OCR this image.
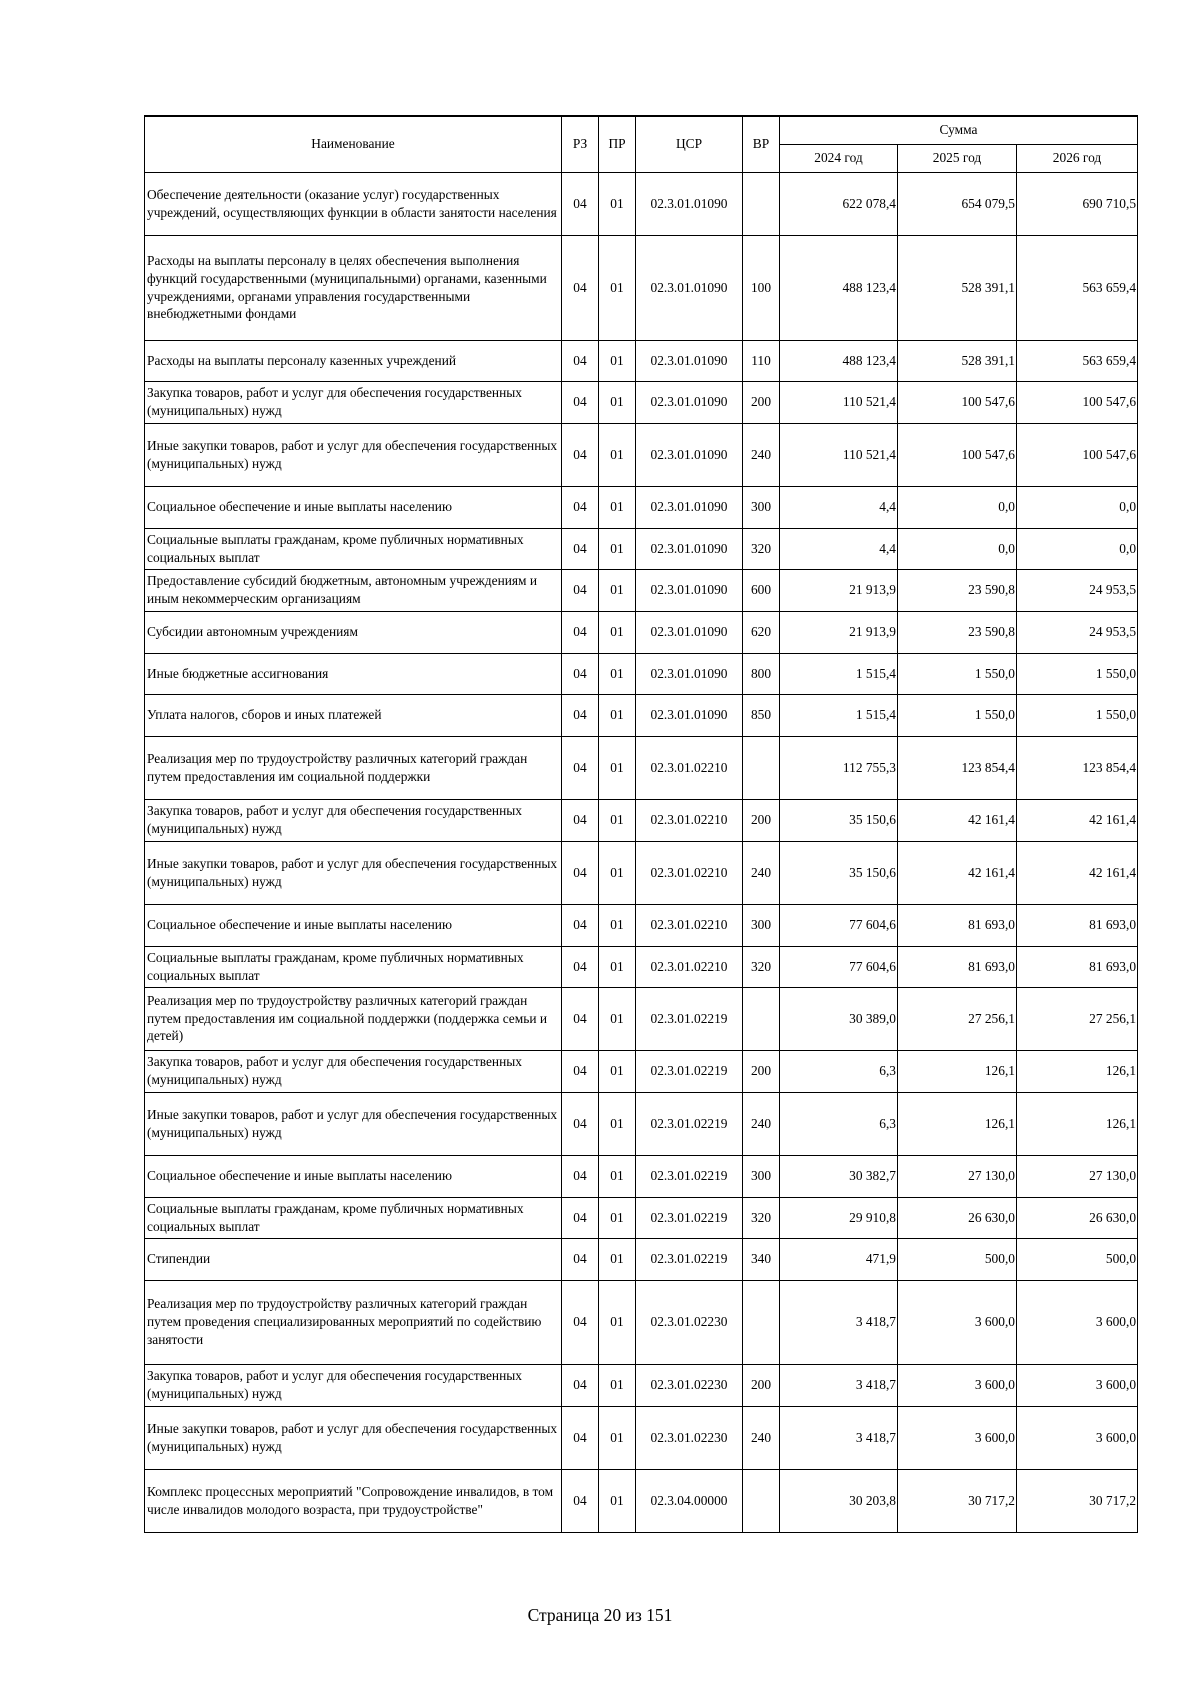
Наименование	РЗ	ПР	ЦСР	ВР	Сумма		
					2024 год	2025 год	2026 год
Обеспечение деятельности (оказание услуг) государственных учреждений, осуществляющих функции в области занятости населения	04	01	02.3.01.01090		622 078,4	654 079,5	690 710,5
Расходы на выплаты персоналу в целях обеспечения выполнения функций государственными (муниципальными) органами, казенными учреждениями, органами управления государственными внебюджетными фондами	04	01	02.3.01.01090	100	488 123,4	528 391,1	563 659,4
Расходы на выплаты персоналу казенных учреждений	04	01	02.3.01.01090	110	488 123,4	528 391,1	563 659,4
Закупка товаров, работ и услуг для обеспечения государственных (муниципальных) нужд	04	01	02.3.01.01090	200	110 521,4	100 547,6	100 547,6
Иные закупки товаров, работ и услуг для обеспечения государственных (муниципальных) нужд	04	01	02.3.01.01090	240	110 521,4	100 547,6	100 547,6
Социальное обеспечение и иные выплаты населению	04	01	02.3.01.01090	300	4,4	0,0	0,0
Социальные выплаты гражданам, кроме публичных нормативных социальных выплат	04	01	02.3.01.01090	320	4,4	0,0	0,0
Предоставление субсидий бюджетным, автономным учреждениям и иным некоммерческим организациям	04	01	02.3.01.01090	600	21 913,9	23 590,8	24 953,5
Субсидии автономным учреждениям	04	01	02.3.01.01090	620	21 913,9	23 590,8	24 953,5
Иные бюджетные ассигнования	04	01	02.3.01.01090	800	1 515,4	1 550,0	1 550,0
Уплата налогов, сборов и иных платежей	04	01	02.3.01.01090	850	1 515,4	1 550,0	1 550,0
Реализация мер по трудоустройству различных категорий граждан путем предоставления им социальной поддержки	04	01	02.3.01.02210		112 755,3	123 854,4	123 854,4
Закупка товаров, работ и услуг для обеспечения государственных (муниципальных) нужд	04	01	02.3.01.02210	200	35 150,6	42 161,4	42 161,4
Иные закупки товаров, работ и услуг для обеспечения государственных (муниципальных) нужд	04	01	02.3.01.02210	240	35 150,6	42 161,4	42 161,4
Социальное обеспечение и иные выплаты населению	04	01	02.3.01.02210	300	77 604,6	81 693,0	81 693,0
Социальные выплаты гражданам, кроме публичных нормативных социальных выплат	04	01	02.3.01.02210	320	77 604,6	81 693,0	81 693,0
Реализация мер по трудоустройству различных категорий граждан путем предоставления им социальной поддержки (поддержка семьи и детей)	04	01	02.3.01.02219		30 389,0	27 256,1	27 256,1
Закупка товаров, работ и услуг для обеспечения государственных (муниципальных) нужд	04	01	02.3.01.02219	200	6,3	126,1	126,1
Иные закупки товаров, работ и услуг для обеспечения государственных (муниципальных) нужд	04	01	02.3.01.02219	240	6,3	126,1	126,1
Социальное обеспечение и иные выплаты населению	04	01	02.3.01.02219	300	30 382,7	27 130,0	27 130,0
Социальные выплаты гражданам, кроме публичных нормативных социальных выплат	04	01	02.3.01.02219	320	29 910,8	26 630,0	26 630,0
Стипендии	04	01	02.3.01.02219	340	471,9	500,0	500,0
Реализация мер по трудоустройству различных категорий граждан путем проведения специализированных мероприятий по содействию занятости	04	01	02.3.01.02230		3 418,7	3 600,0	3 600,0
Закупка товаров, работ и услуг для обеспечения государственных (муниципальных) нужд	04	01	02.3.01.02230	200	3 418,7	3 600,0	3 600,0
Иные закупки товаров, работ и услуг для обеспечения государственных (муниципальных) нужд	04	01	02.3.01.02230	240	3 418,7	3 600,0	3 600,0
Комплекс процессных мероприятий "Сопровождение инвалидов, в том числе инвалидов молодого возраста, при трудоустройстве"	04	01	02.3.04.00000		30 203,8	30 717,2	30 717,2
Страница 20 из 151
